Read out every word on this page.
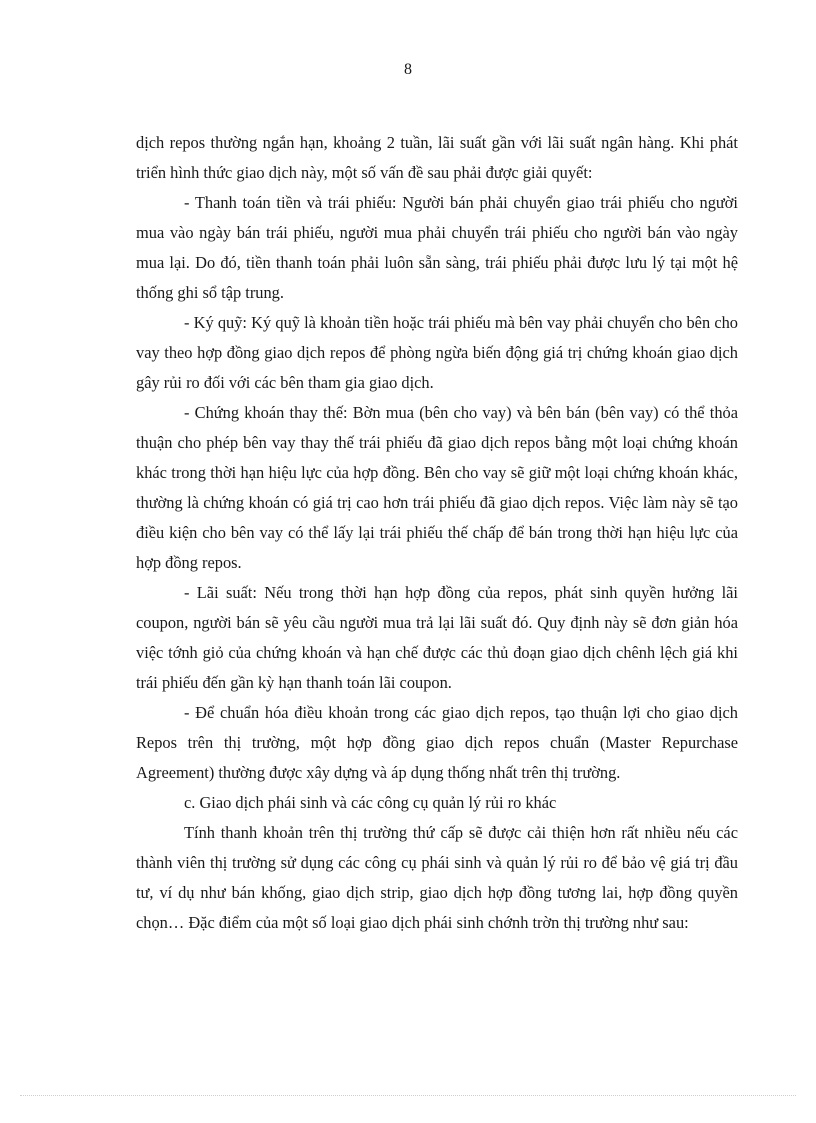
8

dịch repos thường ngắn hạn, khoảng 2 tuần, lãi suất gần với lãi suất ngân hàng. Khi phát triển hình thức giao dịch này, một số vấn đề sau phải được giải quyết:

- Thanh toán tiền và trái phiếu: Người bán phải chuyển giao trái phiếu cho người mua vào ngày bán trái phiếu, người mua phải chuyển trái phiếu cho người bán vào ngày mua lại. Do đó, tiền thanh toán phải luôn sẵn sàng, trái phiếu phải được lưu lý tại một hệ thống ghi sổ tập trung.

- Ký quỹ: Ký quỹ là khoản tiền hoặc trái phiếu mà bên vay phải chuyển cho bên cho vay theo hợp đồng giao dịch repos để phòng ngừa biến động giá trị chứng khoán giao dịch gây rủi ro đối với các bên tham gia giao dịch.

- Chứng khoán thay thế: Bờn mua (bên cho vay) và bên bán (bên vay) có thể thỏa thuận cho phép bên vay thay thế trái phiếu đã giao dịch repos bằng một loại chứng khoán khác trong thời hạn hiệu lực của hợp đồng. Bên cho vay sẽ giữ một loại chứng khoán khác, thường là chứng khoán có giá trị cao hơn trái phiếu đã giao dịch repos. Việc làm này sẽ tạo điều kiện cho bên vay có thể lấy lại trái phiếu thế chấp để bán trong thời hạn hiệu lực của hợp đồng repos.

- Lãi suất: Nếu trong thời hạn hợp đồng của repos, phát sinh quyền hưởng lãi coupon, người bán sẽ yêu cầu người mua trả lại lãi suất đó. Quy định này sẽ đơn giản hóa việc tớnh giỏ của chứng khoán và hạn chế được các thủ đoạn giao dịch chênh lệch giá khi trái phiếu đến gần kỳ hạn thanh toán lãi coupon.

- Để chuẩn hóa điều khoản trong các giao dịch repos, tạo thuận lợi cho giao dịch Repos trên thị trường, một hợp đồng giao dịch repos chuẩn (Master Repurchase Agreement) thường được xây dựng và áp dụng thống nhất trên thị trường.

c. Giao dịch phái sinh và các công cụ quản lý rủi ro khác

Tính thanh khoản trên thị trường thứ cấp sẽ được cải thiện hơn rất nhiều nếu các thành viên thị trường sử dụng các công cụ phái sinh và quản lý rủi ro để bảo vệ giá trị đầu tư, ví dụ như bán khống, giao dịch strip, giao dịch hợp đồng tương lai, hợp đồng quyền chọn… Đặc điểm của một số loại giao dịch phái sinh chớnh trờn thị trường như sau:
